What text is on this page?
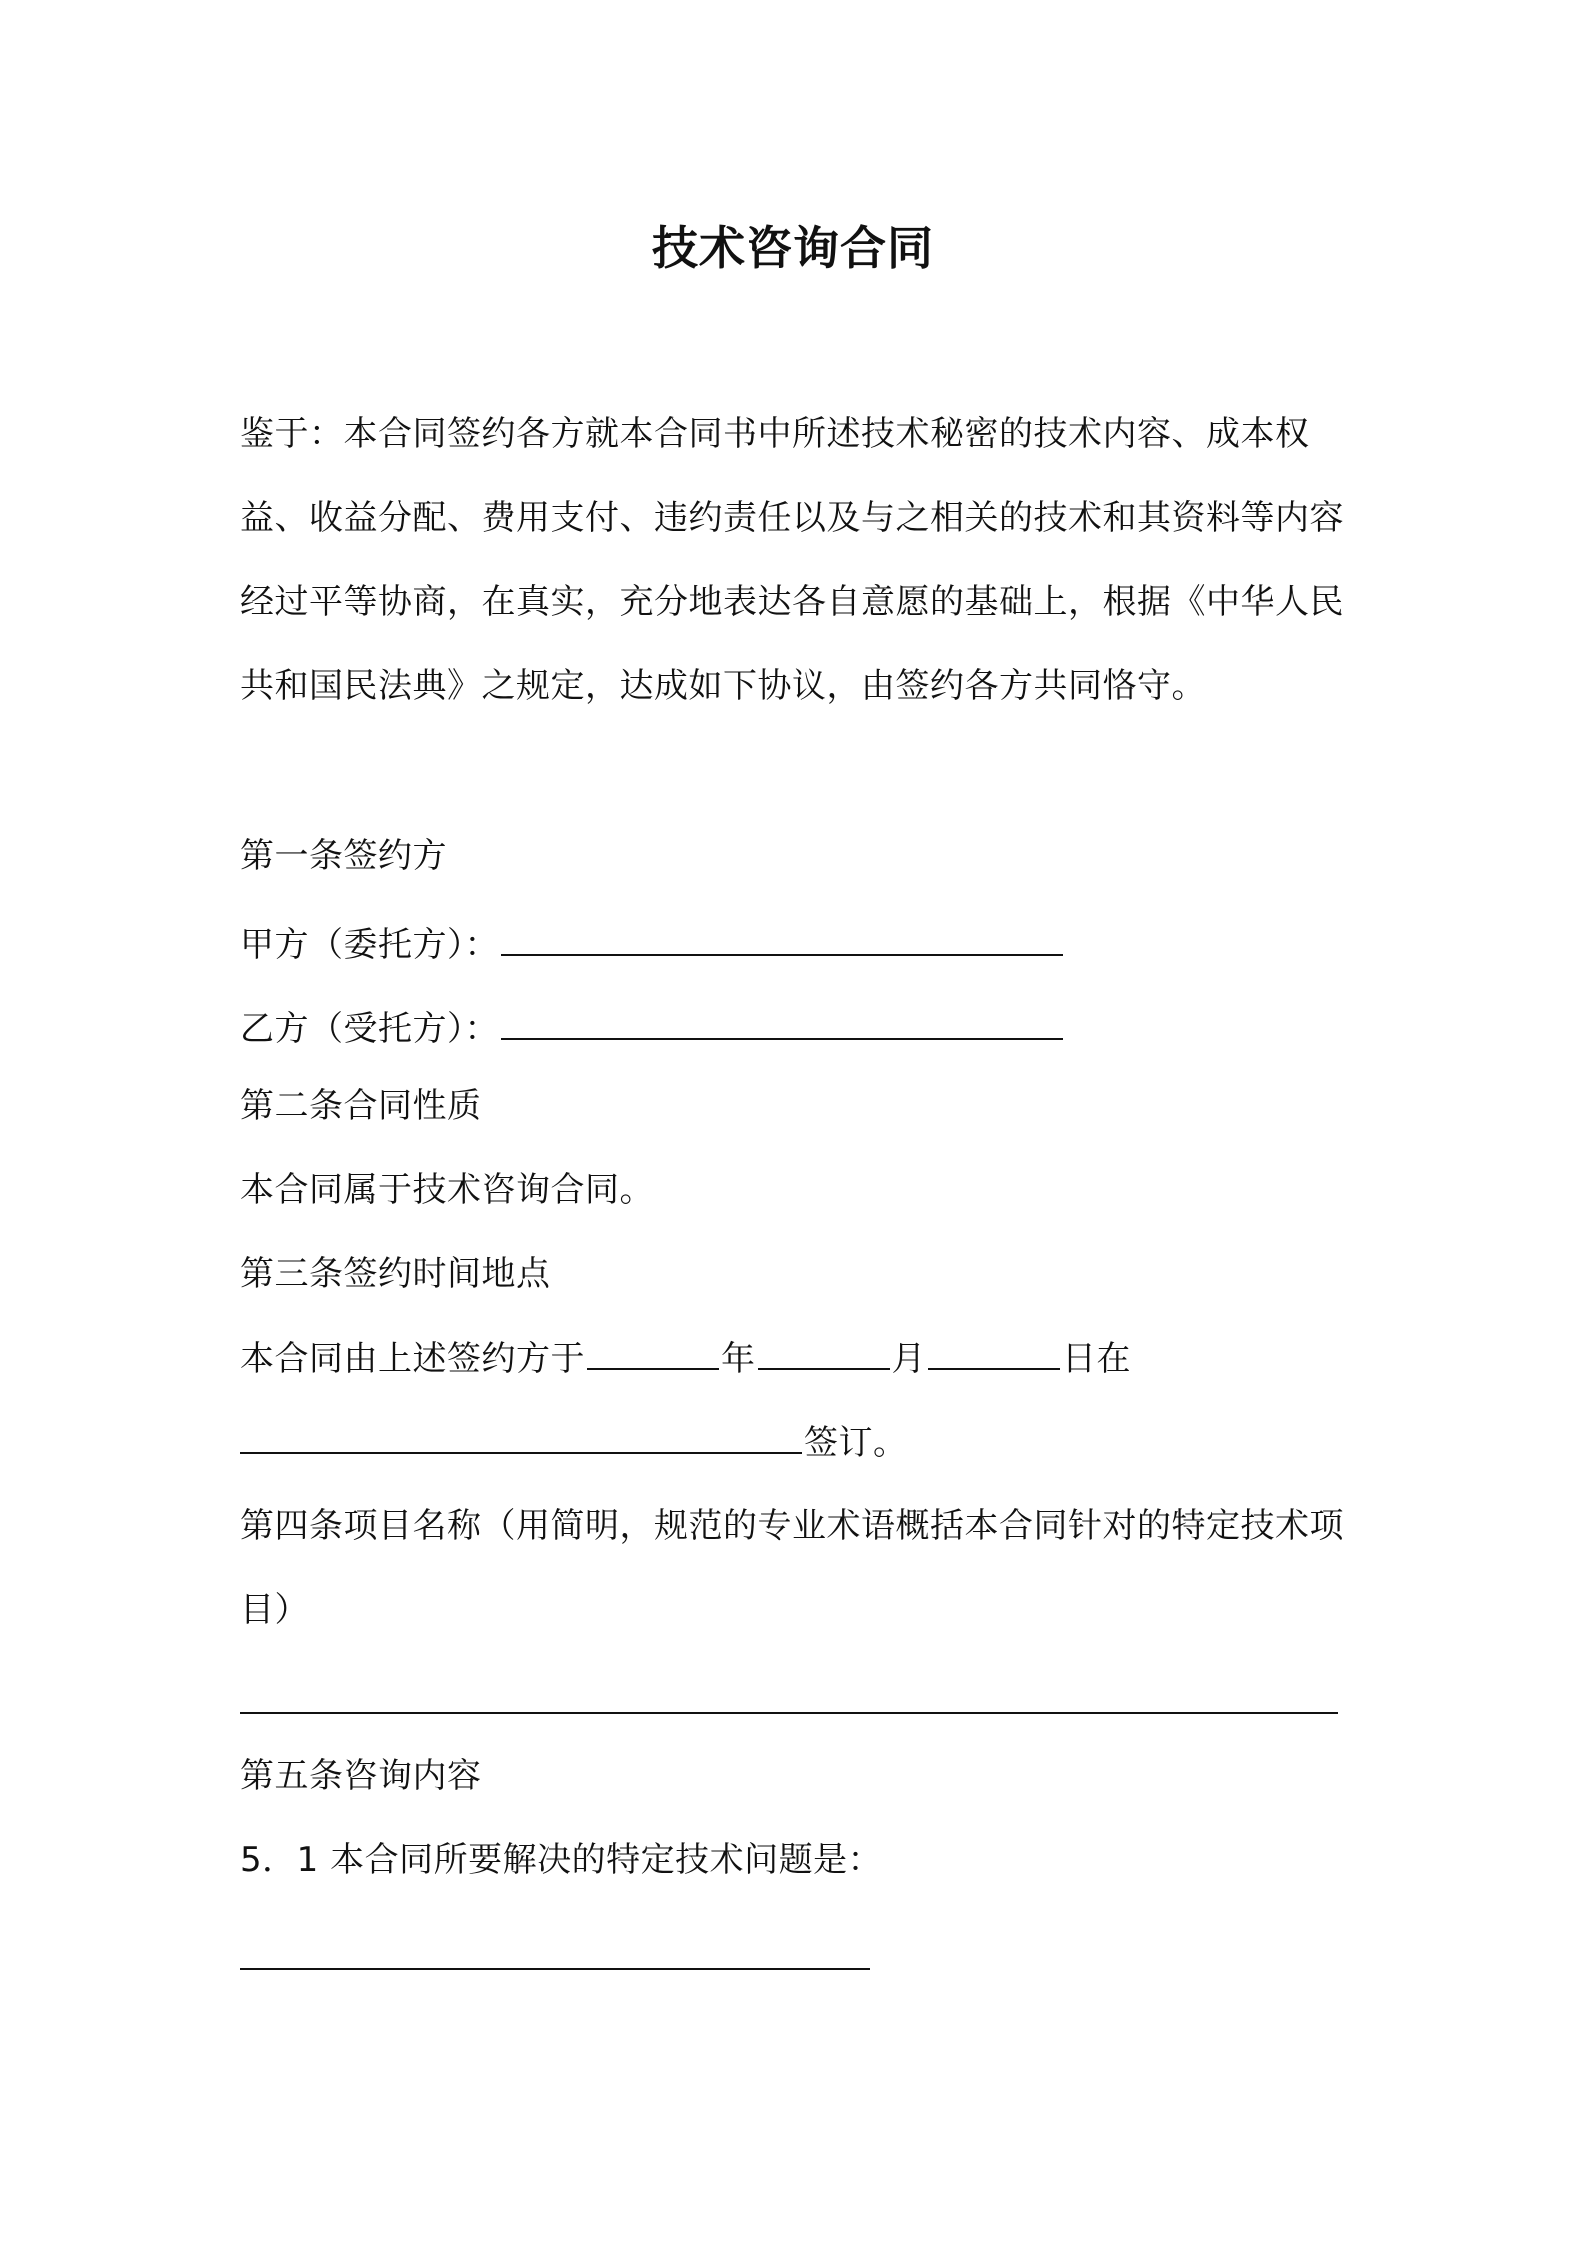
技术咨询合同

鉴于：本合同签约各方就本合同书中所述技术秘密的技术内容、成本权益、收益分配、费用支付、违约责任以及与之相关的技术和其资料等内容经过平等协商，在真实，充分地表达各自意愿的基础上，根据《中华人民共和国民法典》之规定，达成如下协议，由签约各方共同恪守。

第一条签约方
甲方（委托方）：
乙方（受托方）：
第二条合同性质
本合同属于技术咨询合同。
第三条签约时间地点
本合同由上述签约方于	年	月	日在
签订。

第四条项目名称（用简明，规范的专业术语概括本合同针对的特定技术项目）

第五条咨询内容
5．1 本合同所要解决的特定技术问题是：
